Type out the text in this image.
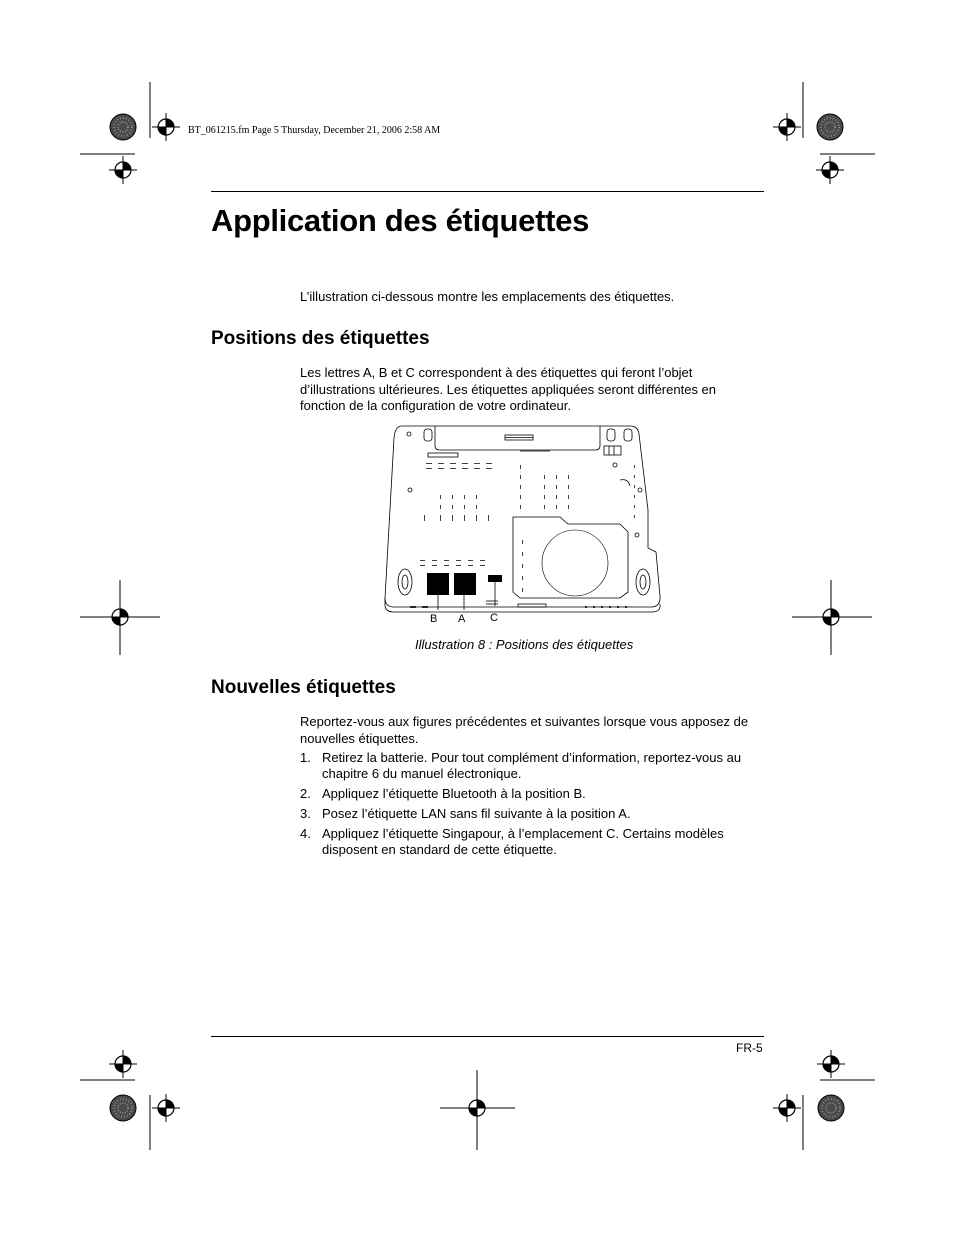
BT_061215.fm Page 5 Thursday, December 21, 2006 2:58 AM
Application des étiquettes
L’illustration ci-dessous montre les emplacements des étiquettes.
Positions des étiquettes
Les lettres A, B et C correspondent à des étiquettes qui feront l’objet d’illustrations ultérieures. Les étiquettes appliquées seront différentes en fonction de la configuration de votre ordinateur.
B A C
Illustration 8 : Positions des étiquettes
Nouvelles étiquettes
Reportez-vous aux figures précédentes et suivantes lorsque vous apposez de nouvelles étiquettes.
1. Retirez la batterie. Pour tout complément d’information, reportez-vous au chapitre 6 du manuel électronique.
2. Appliquez l’étiquette Bluetooth à la position B.
3. Posez l’étiquette LAN sans fil suivante à la position A.
4. Appliquez l’étiquette Singapour, à l’emplacement C. Certains modèles disposent en standard de cette étiquette.
FR-5
